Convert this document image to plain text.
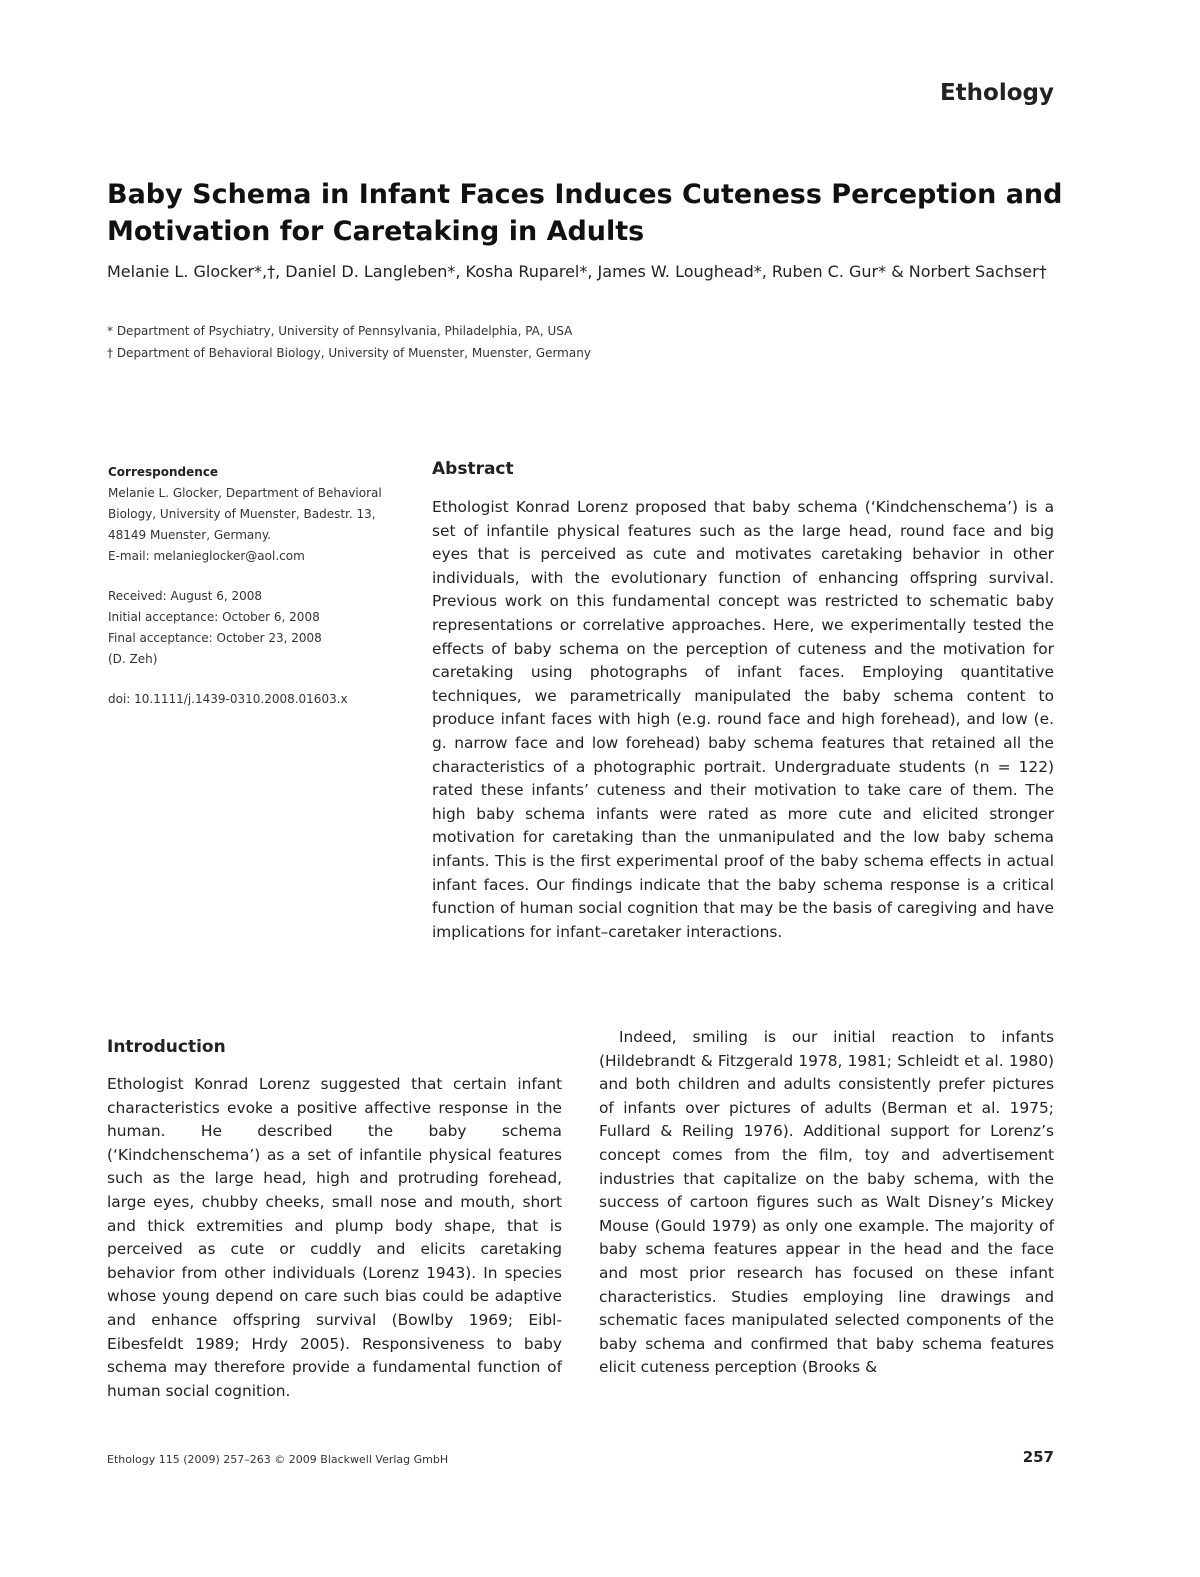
Ethology
Baby Schema in Infant Faces Induces Cuteness Perception and Motivation for Caretaking in Adults
Melanie L. Glocker*,†, Daniel D. Langleben*, Kosha Ruparel*, James W. Loughead*, Ruben C. Gur* & Norbert Sachser†
* Department of Psychiatry, University of Pennsylvania, Philadelphia, PA, USA
† Department of Behavioral Biology, University of Muenster, Muenster, Germany
Correspondence
Melanie L. Glocker, Department of Behavioral
Biology, University of Muenster, Badestr. 13,
48149 Muenster, Germany.
E-mail: melanieglocker@aol.com
Received: August 6, 2008
Initial acceptance: October 6, 2008
Final acceptance: October 23, 2008
(D. Zeh)
doi: 10.1111/j.1439-0310.2008.01603.x
Abstract
Ethologist Konrad Lorenz proposed that baby schema (‘Kindchenschema’) is a set of infantile physical features such as the large head, round face and big eyes that is perceived as cute and motivates caretaking behavior in other individuals, with the evolutionary function of enhancing offspring survival. Previous work on this fundamental concept was restricted to schematic baby representations or correlative approaches. Here, we experimentally tested the effects of baby schema on the perception of cuteness and the motivation for caretaking using photographs of infant faces. Employing quantitative techniques, we parametrically manipulated the baby schema content to produce infant faces with high (e.g. round face and high forehead), and low (e. g. narrow face and low forehead) baby schema features that retained all the characteristics of a photographic portrait. Undergraduate students (n = 122) rated these infants’ cuteness and their motivation to take care of them. The high baby schema infants were rated as more cute and elicited stronger motivation for caretaking than the unmanipulated and the low baby schema infants. This is the first experimental proof of the baby schema effects in actual infant faces. Our findings indicate that the baby schema response is a critical function of human social cognition that may be the basis of caregiving and have implications for infant–caretaker interactions.
Introduction
Ethologist Konrad Lorenz suggested that certain infant characteristics evoke a positive affective response in the human. He described the baby schema (‘Kindchenschema’) as a set of infantile physical features such as the large head, high and protruding forehead, large eyes, chubby cheeks, small nose and mouth, short and thick extremities and plump body shape, that is perceived as cute or cuddly and elicits caretaking behavior from other individuals (Lorenz 1943). In species whose young depend on care such bias could be adaptive and enhance offspring survival (Bowlby 1969; Eibl-Eibesfeldt 1989; Hrdy 2005). Responsiveness to baby schema may therefore provide a fundamental function of human social cognition.
Indeed, smiling is our initial reaction to infants (Hildebrandt & Fitzgerald 1978, 1981; Schleidt et al. 1980) and both children and adults consistently prefer pictures of infants over pictures of adults (Berman et al. 1975; Fullard & Reiling 1976). Additional support for Lorenz’s concept comes from the film, toy and advertisement industries that capitalize on the baby schema, with the success of cartoon figures such as Walt Disney’s Mickey Mouse (Gould 1979) as only one example. The majority of baby schema features appear in the head and the face and most prior research has focused on these infant characteristics. Studies employing line drawings and schematic faces manipulated selected components of the baby schema and confirmed that baby schema features elicit cuteness perception (Brooks &
Ethology 115 (2009) 257–263 © 2009 Blackwell Verlag GmbH	257
